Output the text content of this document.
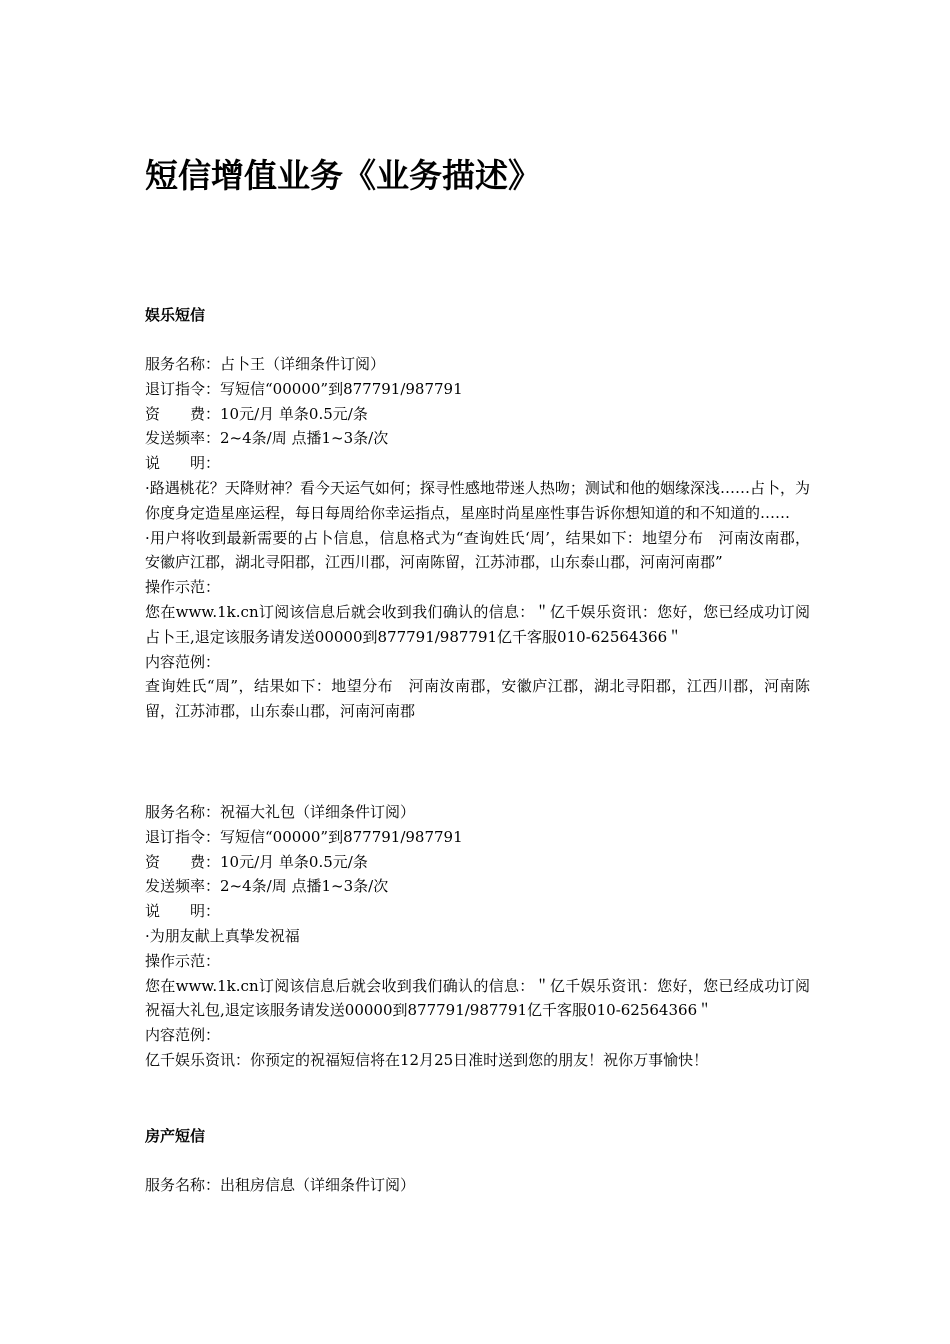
短信增值业务《业务描述》
娱乐短信
服务名称：占卜王（详细条件订阅）
退订指令：写短信“00000”到877791/987791
资　　费：10元/月 单条0.5元/条
发送频率：2~4条/周 点播1~3条/次
说　　明：
·路遇桃花？天降财神？看今天运气如何；探寻性感地带迷人热吻；测试和他的姻缘深浅……占卜，为你度身定造星座运程，每日每周给你幸运指点，星座时尚星座性事告诉你想知道的和不知道的……
·用户将收到最新需要的占卜信息，信息格式为“查询姓氏‘周’，结果如下：地望分布　河南汝南郡，安徽庐江郡，湖北寻阳郡，江西川郡，河南陈留，江苏沛郡，山东泰山郡，河南河南郡”
操作示范：
您在www.1k.cn订阅该信息后就会收到我们确认的信息：＂亿千娱乐资讯：您好，您已经成功订阅占卜王,退定该服务请发送00000到877791/987791亿千客服010-62564366＂
内容范例：
查询姓氏“周”，结果如下：地望分布　河南汝南郡，安徽庐江郡，湖北寻阳郡，江西川郡，河南陈留，江苏沛郡，山东泰山郡，河南河南郡
服务名称：祝福大礼包（详细条件订阅）
退订指令：写短信“00000”到877791/987791
资　　费：10元/月 单条0.5元/条
发送频率：2~4条/周 点播1~3条/次
说　　明：
·为朋友献上真挚发祝福
操作示范：
您在www.1k.cn订阅该信息后就会收到我们确认的信息：＂亿千娱乐资讯：您好，您已经成功订阅祝福大礼包,退定该服务请发送00000到877791/987791亿千客服010-62564366＂
内容范例：
亿千娱乐资讯：你预定的祝福短信将在12月25日准时送到您的朋友！祝你万事愉快！
房产短信
服务名称：出租房信息（详细条件订阅）
